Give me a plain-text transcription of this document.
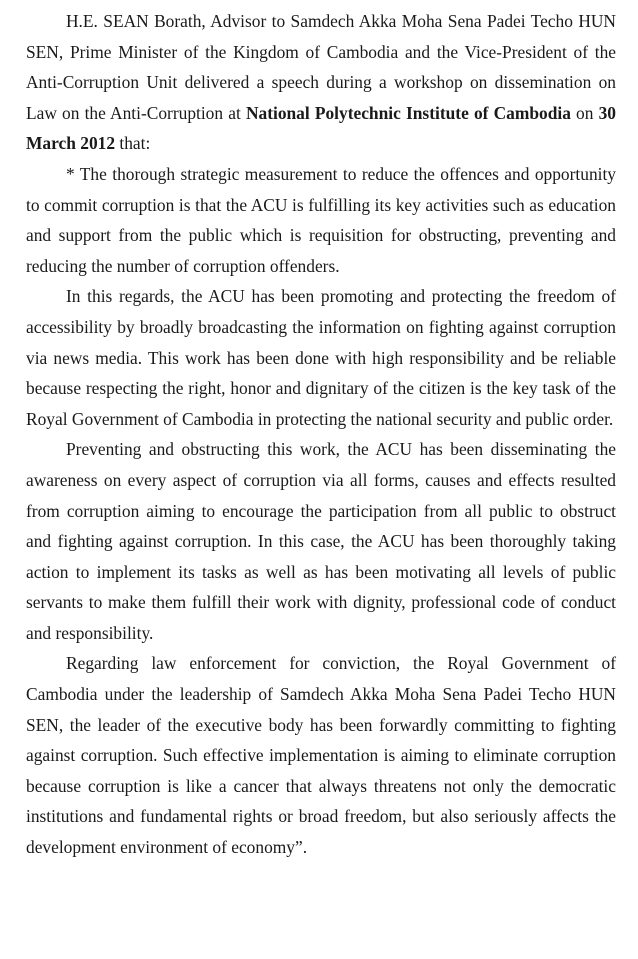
H.E. SEAN Borath, Advisor to Samdech Akka Moha Sena Padei Techo HUN SEN, Prime Minister of the Kingdom of Cambodia and the Vice-President of the Anti-Corruption Unit delivered a speech during a workshop on dissemination on Law on the Anti-Corruption at National Polytechnic Institute of Cambodia on 30 March 2012 that:

* The thorough strategic measurement to reduce the offences and opportunity to commit corruption is that the ACU is fulfilling its key activities such as education and support from the public which is requisition for obstructing, preventing and reducing the number of corruption offenders.

In this regards, the ACU has been promoting and protecting the freedom of accessibility by broadly broadcasting the information on fighting against corruption via news media. This work has been done with high responsibility and be reliable because respecting the right, honor and dignitary of the citizen is the key task of the Royal Government of Cambodia in protecting the national security and public order.

Preventing and obstructing this work, the ACU has been disseminating the awareness on every aspect of corruption via all forms, causes and effects resulted from corruption aiming to encourage the participation from all public to obstruct and fighting against corruption. In this case, the ACU has been thoroughly taking action to implement its tasks as well as has been motivating all levels of public servants to make them fulfill their work with dignity, professional code of conduct and responsibility.

Regarding law enforcement for conviction, the Royal Government of Cambodia under the leadership of Samdech Akka Moha Sena Padei Techo HUN SEN, the leader of the executive body has been forwardly committing to fighting against corruption. Such effective implementation is aiming to eliminate corruption because corruption is like a cancer that always threatens not only the democratic institutions and fundamental rights or broad freedom, but also seriously affects the development environment of economy”.
